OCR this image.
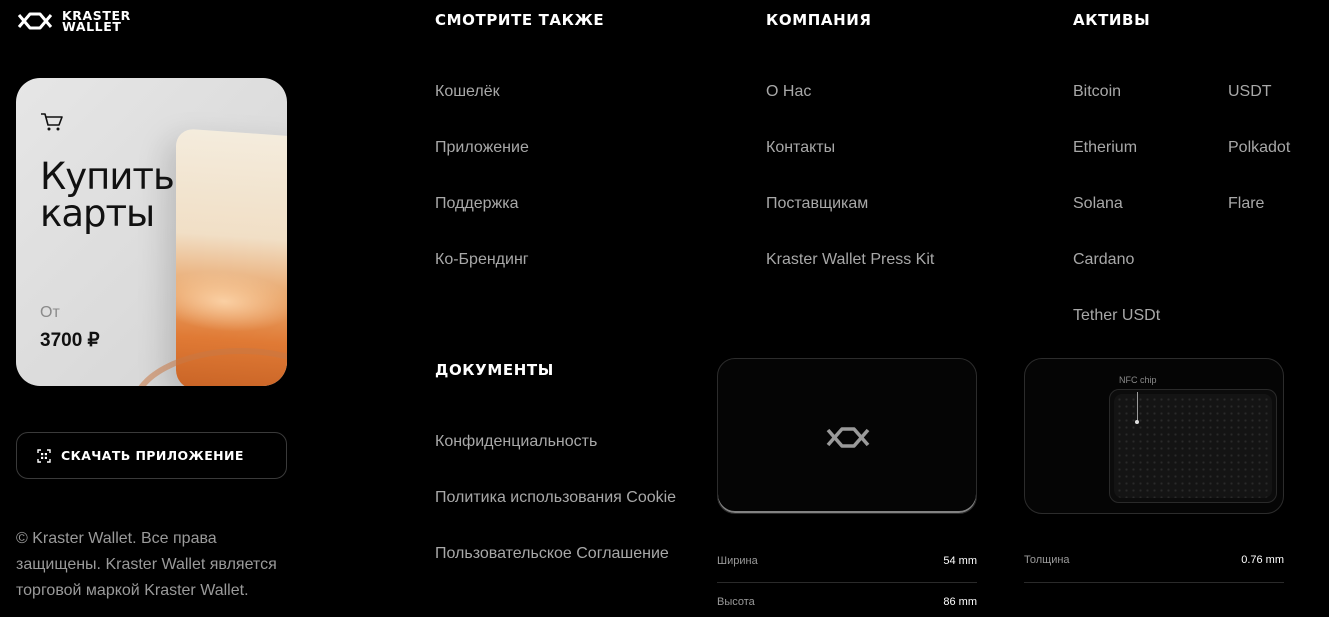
KRASTER
WALLET
Купить
карты
От
3700 ₽
СКАЧАТЬ ПРИЛОЖЕНИЕ
© Kraster Wallet. Все права защищены. Kraster Wallet является торговой маркой Kraster Wallet.
СМОТРИТЕ ТАКЖЕ
Кошелёк
Приложение
Поддержка
Ко-Брендинг
КОМПАНИЯ
О Нас
Контакты
Поставщикам
Kraster Wallet Press Kit
АКТИВЫ
Bitcoin
Etherium
Solana
Cardano
Tether USDt
USDT
Polkadot
Flare
ДОКУМЕНТЫ
Конфиденциальность
Политика использования Cookie
Пользовательское Соглашение
NFC chip
Ширина	54 mm
Высота	86 mm
Толщина	0.76 mm
